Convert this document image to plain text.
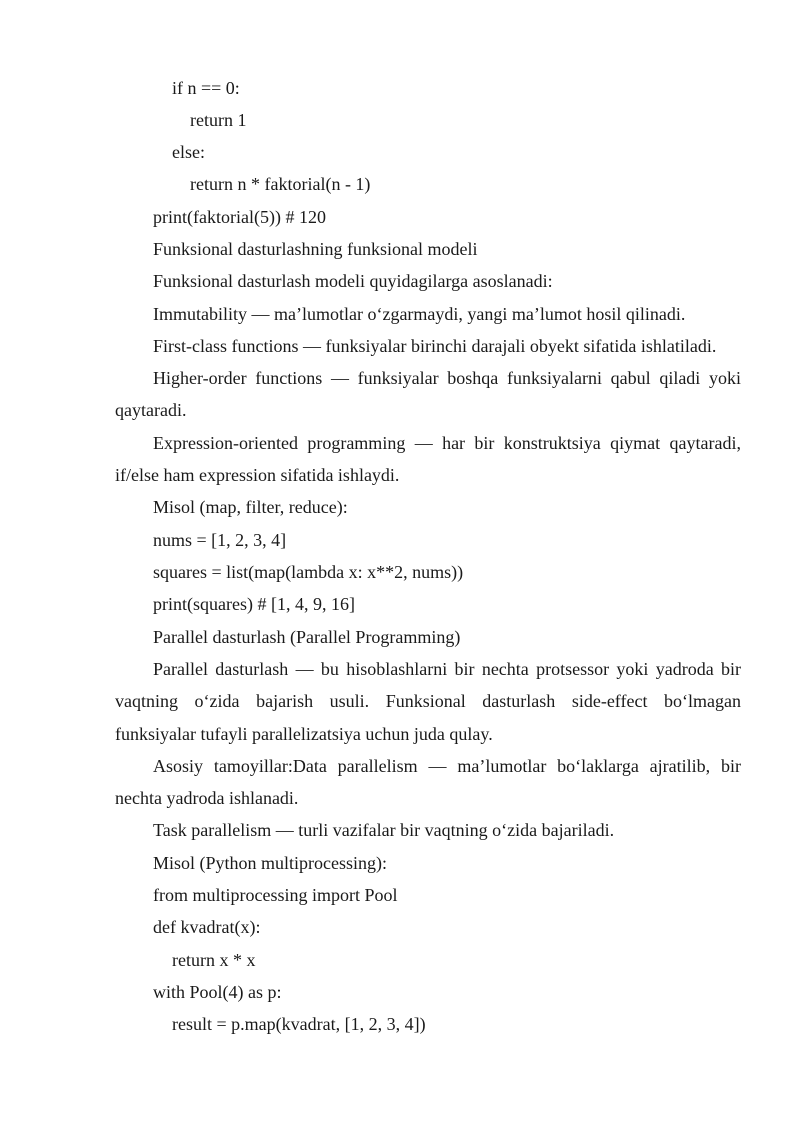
if n == 0:
return 1
else:
return n * faktorial(n - 1)
print(faktorial(5)) # 120
Funksional dasturlashning funksional modeli
Funksional dasturlash modeli quyidagilarga asoslanadi:
Immutability — ma’lumotlar o‘zgarmaydi, yangi ma’lumot hosil qilinadi.
First-class functions — funksiyalar birinchi darajali obyekt sifatida ishlatiladi.
Higher-order functions — funksiyalar boshqa funksiyalarni qabul qiladi yoki
qaytaradi.
Expression-oriented programming — har bir konstruktsiya qiymat qaytaradi,
if/else ham expression sifatida ishlaydi.
Misol (map, filter, reduce):
nums = [1, 2, 3, 4]
squares = list(map(lambda x: x**2, nums))
print(squares) # [1, 4, 9, 16]
Parallel dasturlash (Parallel Programming)
Parallel dasturlash — bu hisoblashlarni bir nechta protsessor yoki yadroda bir
vaqtning o‘zida bajarish usuli. Funksional dasturlash side-effect bo‘lmagan
funksiyalar tufayli parallelizatsiya uchun juda qulay.
Asosiy tamoyillar:Data parallelism — ma’lumotlar bo‘laklarga ajratilib, bir
nechta yadroda ishlanadi.
Task parallelism — turli vazifalar bir vaqtning o‘zida bajariladi.
Misol (Python multiprocessing):
from multiprocessing import Pool
def kvadrat(x):
return x * x
with Pool(4) as p:
result = p.map(kvadrat, [1, 2, 3, 4])
